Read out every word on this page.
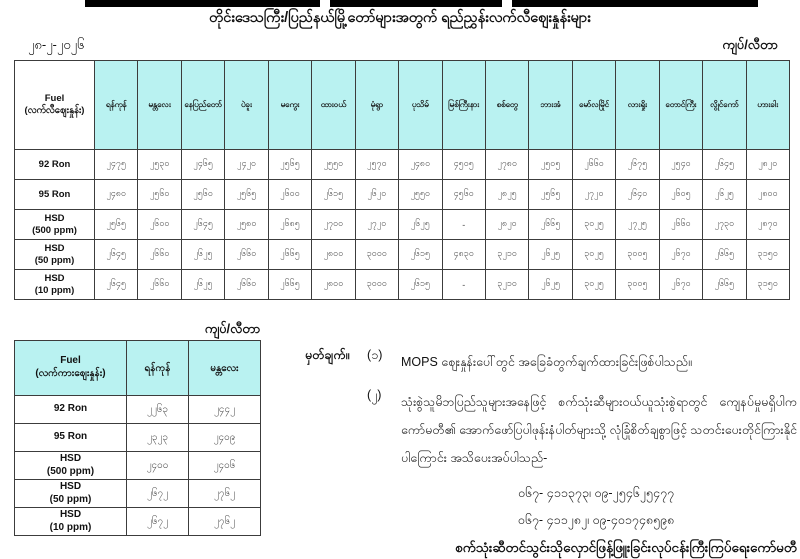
တိုင်းဒေသကြီး/ပြည်နယ်မြို့တော်များအတွက် ရည်ညွှန်းလက်လီဈေးနှုန်းများ
၂၈-၂-၂၀၂၆	ကျပ်/လီတာ
Fuel
(လက်လီဈေးနှုန်း)	ရန်ကုန်	မန္တလေး	နေပြည်တော်	ပဲခူး	မကွေး	ထားဝယ်	မုံရွာ	ပုသိမ်	မြစ်ကြီးနား	စစ်တွေ	ဘားအံ	မော်လမြိုင်	လားရှိုး	တောင်ကြီး	လွိုင်ကော်	ဟားခါး

92 Ron	၂၄၇၅	၂၅၃၀	၂၄၆၅	၂၄၂၀	၂၅၆၅	၂၅၅၀	၂၅၇၀	၂၄၈၀	၄၅၀၅	၂၇၈၀	၂၅၀၅	၂၆၆၀	၂၆၇၅	၂၅၄၀	၂၆၄၅	၂၈၂၀

95 Ron	၂၄၈၀	၂၅၆၀	၂၅၆၀	၂၅၆၅	၂၆၀၀	၂၆၁၅	၂၆၂၀	၂၅၅၀	၄၅၆၀	၂၈၂၅	၂၅၆၅	၂၇၂၀	၂၆၄၀	၂၆၀၅	၂၆၂၅	၂၈၀၀

HSD
(500 ppm)	၂၅၆၅	၂၆၀၀	၂၆၄၅	၂၅၈၀	၂၆၈၅	၂၇၀၀	၂၇၂၀	၂၆၂၅	-	၂၈၂၀	၂၆၆၅	၃၀၂၅	၂၇၂၅	၂၆၆၀	၂၇၃၀	၂၈၇၀

HSD
(50 ppm)	၂၆၄၅	၂၆၆၀	၂၆၂၅	၂၆၆၀	၂၆၆၅	၂၈၀၀	၃၀၀၀	၂၆၁၅	၄၈၃၀	၃၂၁၀	၂၆၂၅	၃၀၂၅	၃၀၀၅	၂၆၇၀	၂၆၆၅	၃၁၅၀

HSD
(10 ppm)	၂၆၄၅	၂၆၆၀	၂၆၂၅	၂၆၆၀	၂၆၆၅	၂၈၀၀	၃၀၀၀	၂၆၁၅	-	၃၂၁၀	၂၆၂၅	၃၀၂၅	၃၀၀၅	၂၆၇၀	၂၆၆၅	၃၁၅၀
ကျပ်/လီတာ
Fuel
(လက်ကားဈေးနှုန်း)	ရန်ကုန်	မန္တလေး

92 Ron	၂၂၆၃	၂၄၄၂

95 Ron	၂၃၂၃	၂၄၀၉

HSD
(500 ppm)	၂၄၀၀	၂၄၀၆

HSD
(50 ppm)	၂၆၇၂	၂၇၆၂

HSD
(10 ppm)	၂၆၇၂	၂၇၆၂
မှတ်ချက်။	(၁)	MOPS ဈေးနှုန်းပေါ်တွင် အခြေခံတွက်ချက်ထားခြင်းဖြစ်ပါသည်။
(၂)	သုံးစွဲသူမိဘပြည်သူများအနေဖြင့် စက်သုံးဆီများဝယ်ယူသုံးစွဲရာတွင် ကျေနပ်မှုမရှိပါက ကော်မတီ၏ အောက်ဖော်ပြပါဖုန်းနံပါတ်များသို့ လုံခြုံစိတ်ချစွာဖြင့် သတင်းပေးတိုင်ကြားနိုင်ပါကြောင်း အသိပေးအပ်ပါသည်-
၀၆၇- ၄၁၁၃၇၃၊ ၀၉-၂၅၄၆၂၅၄၇၇
၀၆၇- ၄၁၁၂၈၂၊ ၀၉-၄၀၁၇၄၈၅၉၈
စက်သုံးဆီတင်သွင်းသိုလှောင်ဖြန့်ဖြူးခြင်းလုပ်ငန်းကြီးကြပ်ရေးကော်မတီ
